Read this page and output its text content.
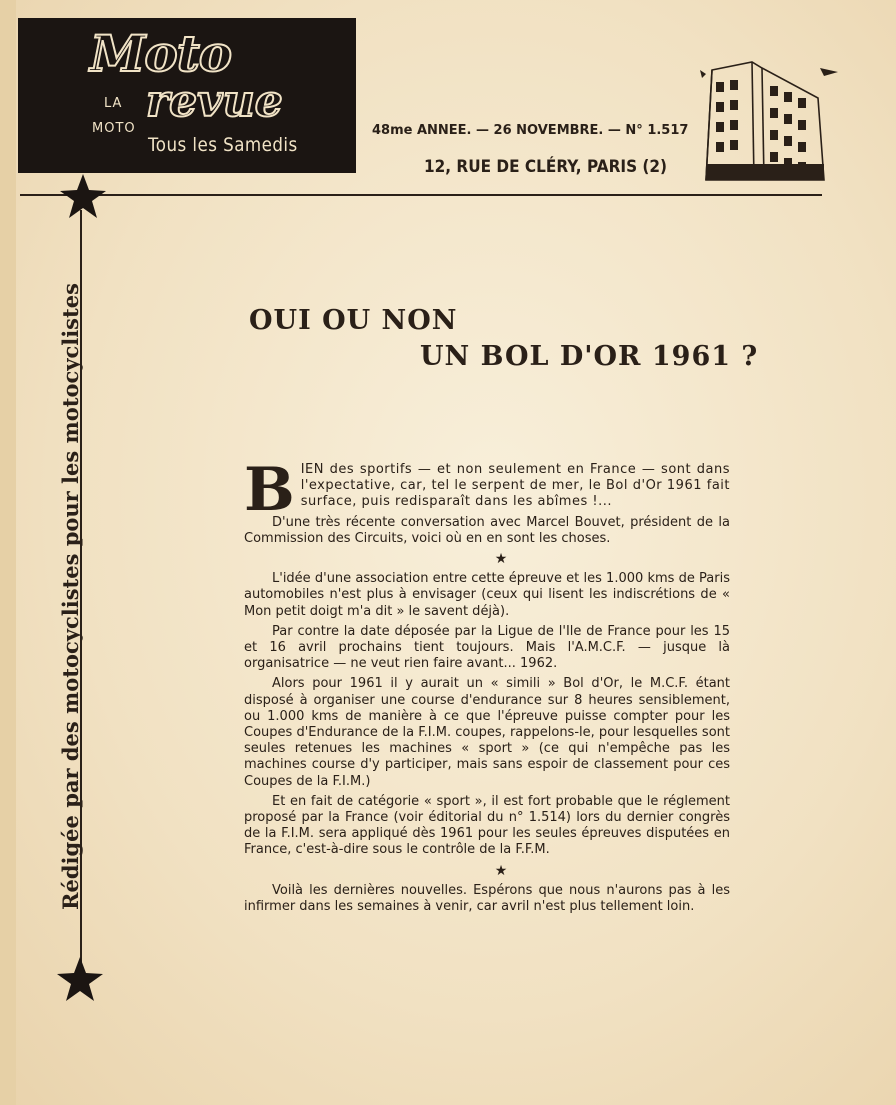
Moto
LA revue
MOTO
Tous les Samedis
48me ANNEE. — 26 NOVEMBRE. — N° 1.517
12, RUE DE CLÉRY, PARIS (2)
Rédigée par des motocyclistes pour les motocyclistes	OUI OU NON
UN BOL D'OR 1961 ?

BIEN des sportifs — et non seulement en France — sont dans l'expectative, car, tel le serpent de mer, le Bol d'Or 1961 fait surface, puis redisparaît dans les abîmes !...

D'une très récente conversation avec Marcel Bouvet, président de la Commission des Circuits, voici où en en sont les choses.

★

L'idée d'une association entre cette épreuve et les 1.000 kms de Paris automobiles n'est plus à envisager (ceux qui lisent les indiscrétions de « Mon petit doigt m'a dit » le savent déjà).

Par contre la date déposée par la Ligue de l'Ile de France pour les 15 et 16 avril prochains tient toujours. Mais l'A.M.C.F. — jusque là organisatrice — ne veut rien faire avant... 1962.

Alors pour 1961 il y aurait un « simili » Bol d'Or, le M.C.F. étant disposé à organiser une course d'endurance sur 8 heures sensiblement, ou 1.000 kms de manière à ce que l'épreuve puisse compter pour les Coupes d'Endurance de la F.I.M. coupes, rappelons-le, pour lesquelles sont seules retenues les machines « sport » (ce qui n'empêche pas les machines course d'y participer, mais sans espoir de classement pour ces Coupes de la F.I.M.)

Et en fait de catégorie « sport », il est fort probable que le réglement proposé par la France (voir éditorial du n° 1.514) lors du dernier congrès de la F.I.M. sera appliqué dès 1961 pour les seules épreuves disputées en France, c'est-à-dire sous le contrôle de la F.F.M.

★

Voilà les dernières nouvelles. Espérons que nous n'aurons pas à les infirmer dans les semaines à venir, car avril n'est plus tellement loin.
